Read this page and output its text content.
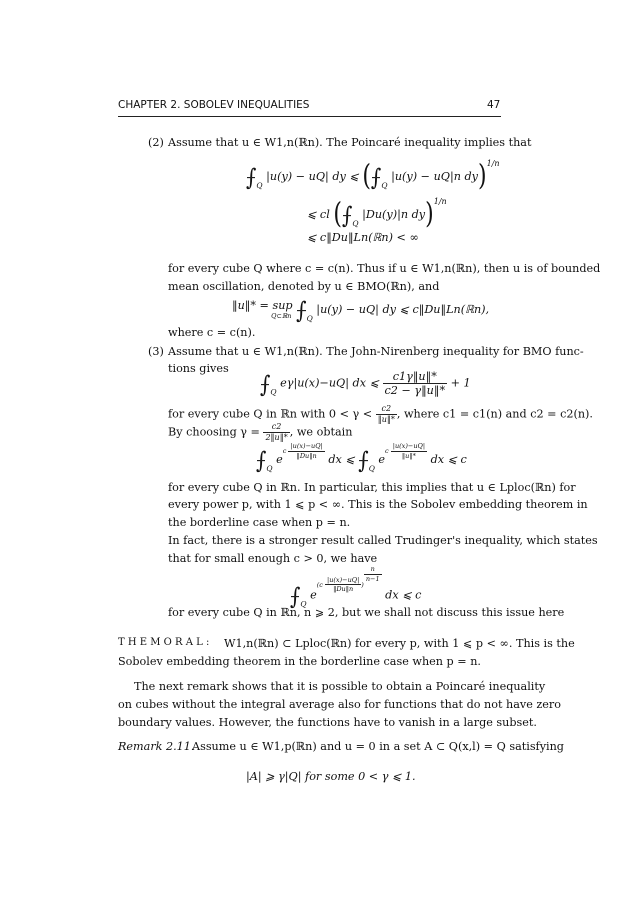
CHAPTER 2. SOBOLEV INEQUALITIES	47
(2) Assume that u ∈ W1,n(ℝn). The Poincaré inequality implies that
$\int_Q$ |u(y) − uQ| dy ⩽ ($\int_Q$ |u(y) − uQ|n dy)$^{1/n}$
⩽ cl ($\int_Q$ |Du(y)|n dy)$^{1/n}$
⩽ c‖Du‖Ln(ℝn) < ∞
for every cube Q where c = c(n). Thus if u ∈ W1,n(ℝn), then u is of bounded
mean oscillation, denoted by u ∈ BMO(ℝn), and
‖u‖* = sup
Q⊂ℝn $\int_Q$ |u(y) − uQ| dy ⩽ c‖Du‖Ln(ℝn),
where c = c(n).
(3) Assume that u ∈ W1,n(ℝn). The John-Nirenberg inequality for BMO func-
tions gives
$\int_Q$ eγ|u(x)−uQ| dx ⩽ $\frac{c1\gamma‖u‖*}{c2 - \gamma‖u‖*} + 1$
for every cube Q in ℝn with $0 < \gamma < \frac{c2}{‖u‖*}$ , where c1 = c1(n) and c2 = c2(n).
By choosing $\gamma = \frac{c2}{2‖u‖*}$ , we obtain
$\int_Q$ $e^{c \frac{|u(x)-uQ|}{‖Du‖n}}$
dx ⩽ $\int_Q$ $e^{c \frac{|u(x)-uQ|}{‖u‖*}}$
dx ⩽ c
for every cube Q in ℝn. In particular, this implies that u ∈ Lploc(ℝn) for
every power p, with 1 ⩽ p < ∞. This is the Sobolev embedding theorem in
the borderline case when p = n.
In fact, there is a stronger result called Trudinger's inequality, which states
that for small enough c > 0, we have
$\int_Q$ $e^{(c \frac{|u(x)-uQ|}{‖Du‖n} ) \frac{n}{n-1}}$
dx ⩽ c
for every cube Q in ℝn, n ⩾ 2, but we shall not discuss this issue here
T H E M O R A L : W1,n(ℝn) ⊂ Lploc(ℝn) for every p, with 1 ⩽ p < ∞. This is the
Sobolev embedding theorem in the borderline case when p = n.
The next remark shows that it is possible to obtain a Poincaré inequality
on cubes without the integral average also for functions that do not have zero
boundary values. However, the functions have to vanish in a large subset.
Remark 2.11.
Assume u ∈ W1,p(ℝn) and u = 0 in a set A ⊂ Q(x,l) = Q satisfying
|A| ⩾ γ|Q| for some 0 < γ ⩽ 1.
